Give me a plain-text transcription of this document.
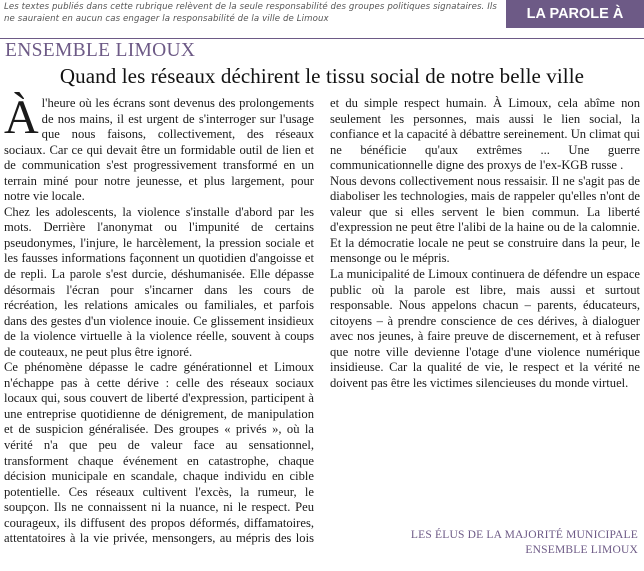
Les textes publiés dans cette rubrique relèvent de la seule responsabilité des groupes politiques signataires. Ils ne sauraient en aucun cas engager la responsabilité de la ville de Limoux	LA PAROLE À
ENSEMBLE LIMOUX
Quand les réseaux déchirent le tissu social de notre belle ville

Àl'heure où les écrans sont devenus des prolongements de nos mains, il est urgent de s'interroger sur l'usage que nous faisons, collectivement, des réseaux sociaux. Car ce qui devait être un formidable outil de lien et de communication s'est progressivement transformé en un terrain miné pour notre jeunesse, et plus largement, pour notre vie locale.

Chez les adolescents, la violence s'installe d'abord par les mots. Derrière l'anonymat ou l'impunité de certains pseudonymes, l'injure, le harcèlement, la pression sociale et les fausses informations façonnent un quotidien d'angoisse et de repli. La parole s'est durcie, déshumanisée. Elle dépasse désormais l'écran pour s'incarner dans les cours de récréation, les relations amicales ou familiales, et parfois dans des gestes d'un violence inouie. Ce glissement insidieux de la violence virtuelle à la violence réelle, souvent à coups de couteaux, ne peut plus être ignoré.

Ce phénomène dépasse le cadre générationnel et Limoux n'échappe pas à cette dérive : celle des réseaux sociaux locaux qui, sous couvert de liberté d'expression, participent à une entreprise quotidienne de dénigrement, de manipulation et de suspicion généralisée. Des groupes « privés », où la vérité n'a que peu de valeur face au sensationnel, transforment chaque événement en catastrophe, chaque décision municipale en scandale, chaque individu en cible potentielle. Ces réseaux cultivent l'excès, la rumeur, le soupçon. Ils ne connaissent ni la nuance, ni le respect. Peu courageux, ils diffusent des propos déformés, diffamatoires, attentatoires à la vie privée, mensongers, au mépris des lois et du simple respect humain. À Limoux, cela abîme non seulement les personnes, mais aussi le lien social, la confiance et la capacité à débattre sereinement. Un climat qui ne bénéficie qu'aux extrêmes ... Une guerre communicationnelle digne des proxys de l'ex-KGB russe .

Nous devons collectivement nous ressaisir. Il ne s'agit pas de diaboliser les technologies, mais de rappeler qu'elles n'ont de valeur que si elles servent le bien commun. La liberté d'expression ne peut être l'alibi de la haine ou de la calomnie. Et la démocratie locale ne peut se construire dans la peur, le mensonge ou le mépris.

La municipalité de Limoux continuera de défendre un espace public où la parole est libre, mais aussi et surtout responsable. Nous appelons chacun – parents, éducateurs, citoyens – à prendre conscience de ces dérives, à dialoguer avec nos jeunes, à faire preuve de discernement, et à refuser que notre ville devienne l'otage d'une violence numérique insidieuse. Car la qualité de vie, le respect et la vérité ne doivent pas être les victimes silencieuses du monde virtuel.

LES ÉLUS DE LA MAJORITÉ MUNICIPALE
ENSEMBLE LIMOUX
